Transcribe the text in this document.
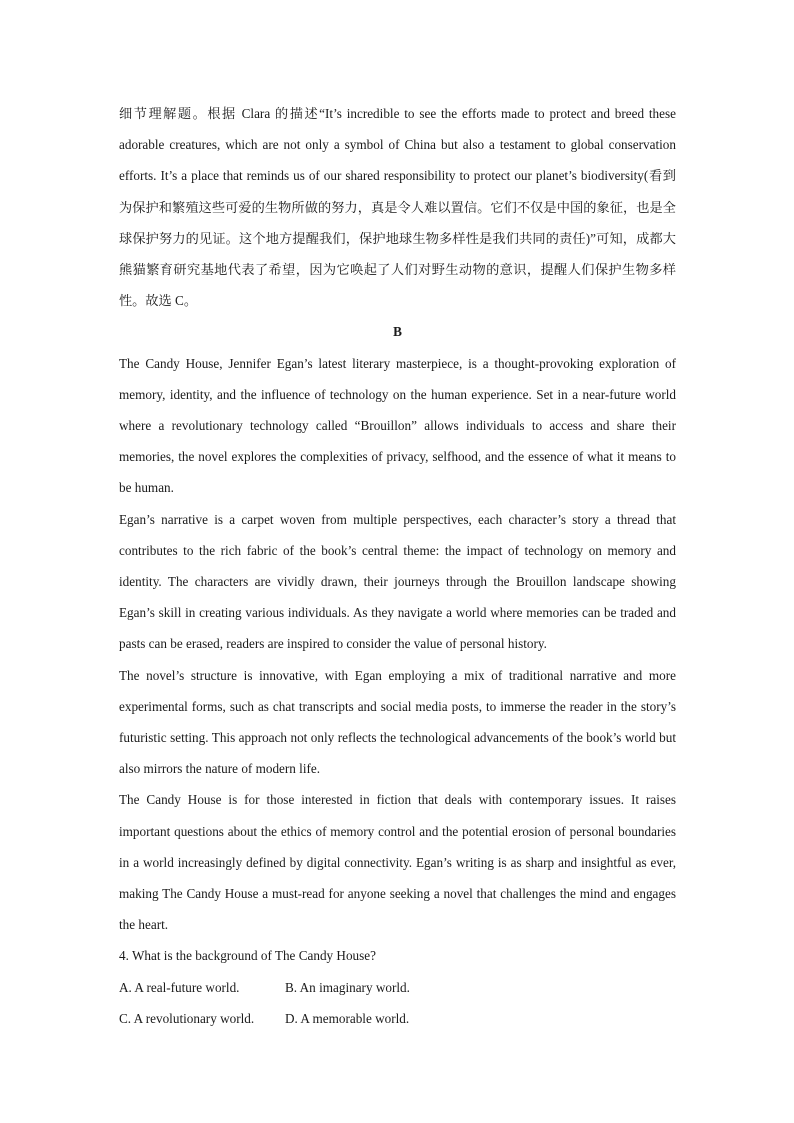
细节理解题。根据 Clara 的描述“It’s incredible to see the efforts made to protect and breed these adorable creatures, which are not only a symbol of China but also a testament to global conservation efforts. It’s a place that reminds us of our shared responsibility to protect our planet’s biodiversity(看到为保护和繁殖这些可爱的生物所做的努力，真是令人难以置信。它们不仅是中国的象征，也是全球保护努力的见证。这个地方提醒我们，保护地球生物多样性是我们共同的责任)”可知，成都大熊猫繁育研究基地代表了希望，因为它唤起了人们对野生动物的意识，提醒人们保护生物多样性。故选 C。

B

The Candy House, Jennifer Egan’s latest literary masterpiece, is a thought-provoking exploration of memory, identity, and the influence of technology on the human experience. Set in a near-future world where a revolutionary technology called “Brouillon” allows individuals to access and share their memories, the novel explores the complexities of privacy, selfhood, and the essence of what it means to be human.

Egan’s narrative is a carpet woven from multiple perspectives, each character’s story a thread that contributes to the rich fabric of the book’s central theme: the impact of technology on memory and identity. The characters are vividly drawn, their journeys through the Brouillon landscape showing Egan’s skill in creating various individuals. As they navigate a world where memories can be traded and pasts can be erased, readers are inspired to consider the value of personal history.

The novel’s structure is innovative, with Egan employing a mix of traditional narrative and more experimental forms, such as chat transcripts and social media posts, to immerse the reader in the story’s futuristic setting. This approach not only reflects the technological advancements of the book’s world but also mirrors the nature of modern life.

The Candy House is for those interested in fiction that deals with contemporary issues. It raises important questions about the ethics of memory control and the potential erosion of personal boundaries in a world increasingly defined by digital connectivity. Egan’s writing is as sharp and insightful as ever, making The Candy House a must-read for anyone seeking a novel that challenges the mind and engages the heart.

4. What is the background of The Candy House?

A. A real-future world.	B. An imaginary world.
C. A revolutionary world.	D. A memorable world.
